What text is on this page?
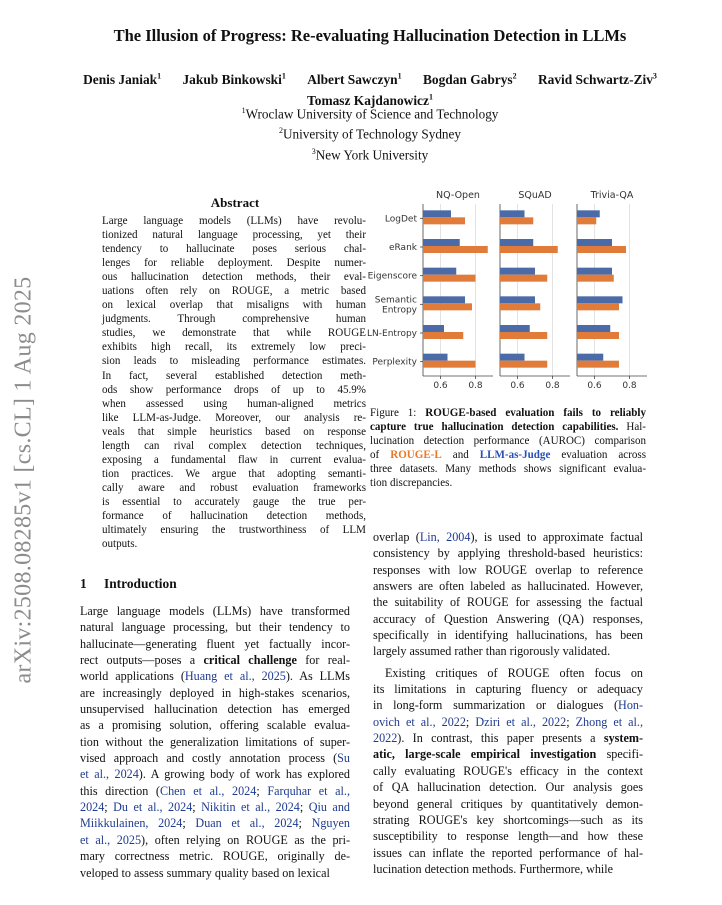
arXiv:2508.08285v1 [cs.CL] 1 Aug 2025
The Illusion of Progress: Re-evaluating Hallucination Detection in LLMs
Denis Janiak$^1$ Jakub Binkowski$^1$ Albert Sawczyn$^1$ Bogdan Gabrys$^2$ Ravid Schwartz-Ziv$^3$
Tomasz Kajdanowicz$^1$
$^1$Wroclaw University of Science and Technology
$^2$University of Technology Sydney
$^3$New York University
Abstract
Large language models (LLMs) have revolu-
tionized natural language processing, yet their
tendency to hallucinate poses serious chal-
lenges for reliable deployment. Despite numer-
ous hallucination detection methods, their eval-
uations often rely on ROUGE, a metric based
on lexical overlap that misaligns with human
judgments. Through comprehensive human
studies, we demonstrate that while ROUGE
exhibits high recall, its extremely low preci-
sion leads to misleading performance estimates.
In fact, several established detection meth-
ods show performance drops of up to 45.9%
when assessed using human-aligned metrics
like LLM-as-Judge. Moreover, our analysis re-
veals that simple heuristics based on response
length can rival complex detection techniques,
exposing a fundamental flaw in current evalua-
tion practices. We argue that adopting semanti-
cally aware and robust evaluation frameworks
is essential to accurately gauge the true per-
formance of hallucination detection methods,
ultimately ensuring the trustworthiness of LLM
outputs.
NQ-Open
0.6 0.8
LogDet
eRank
Eigenscore
Semantic Entropy
LN-Entropy
Perplexity
SQuAD
0.6 0.8
Trivia-QA
0.6 0.8
Figure 1: ROUGE-based evaluation fails to reliably
capture true hallucination detection capabilities. Hal-
lucination detection performance (AUROC) comparison
of ROUGE-L and LLM-as-Judge evaluation across
three datasets. Many methods shows significant evalua-
tion discrepancies.
1 Introduction
Large language models (LLMs) have transformed
natural language processing, but their tendency to
hallucinate—generating fluent yet factually incor-
rect outputs—poses a critical challenge for real-
world applications (Huang et al., 2025). As LLMs
are increasingly deployed in high-stakes scenarios,
unsupervised hallucination detection has emerged
as a promising solution, offering scalable evalua-
tion without the generalization limitations of super-
vised approach and costly annotation process (Su
et al., 2024). A growing body of work has explored
this direction (Chen et al., 2024; Farquhar et al.,
2024; Du et al., 2024; Nikitin et al., 2024; Qiu and
Miikkulainen, 2024; Duan et al., 2024; Nguyen
et al., 2025), often relying on ROUGE as the pri-
mary correctness metric. ROUGE, originally de-
veloped to assess summary quality based on lexical
overlap (Lin, 2004), is used to approximate factual
consistency by applying threshold-based heuristics:
responses with low ROUGE overlap to reference
answers are often labeled as hallucinated. However,
the suitability of ROUGE for assessing the factual
accuracy of Question Answering (QA) responses,
specifically in identifying hallucinations, has been
largely assumed rather than rigorously validated.
Existing critiques of ROUGE often focus on
its limitations in capturing fluency or adequacy
in long-form summarization or dialogues (Hon-
ovich et al., 2022; Dziri et al., 2022; Zhong et al.,
2022). In contrast, this paper presents a system-
atic, large-scale empirical investigation specifi-
cally evaluating ROUGE's efficacy in the context
of QA hallucination detection. Our analysis goes
beyond general critiques by quantitatively demon-
strating ROUGE's key shortcomings—such as its
susceptibility to response length—and how these
issues can inflate the reported performance of hal-
lucination detection methods. Furthermore, while
